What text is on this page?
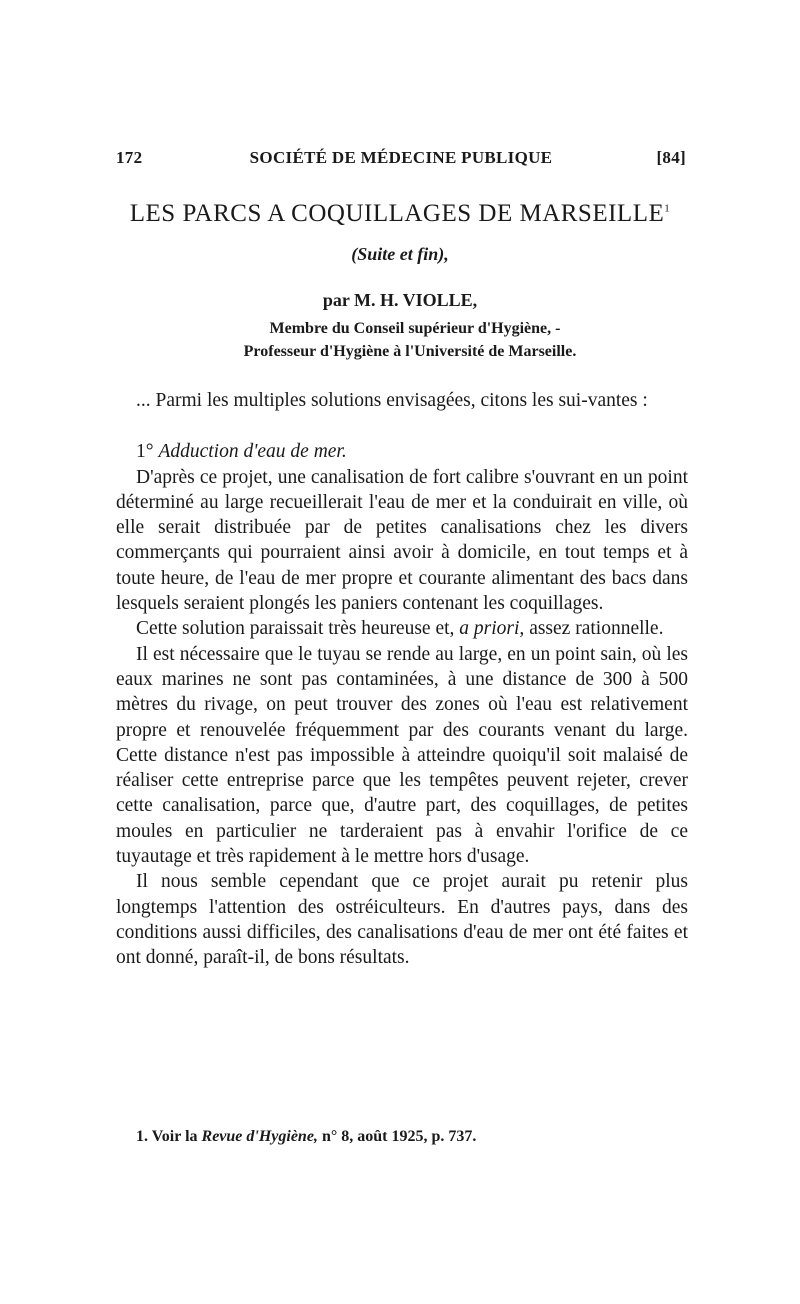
172	SOCIÉTÉ DE MÉDECINE PUBLIQUE	[84]
LES PARCS A COQUILLAGES DE MARSEILLE$^1$
(Suite et fin),
par M. H. VIOLLE,
Membre du Conseil supérieur d'Hygiène, -
Professeur d'Hygiène à l'Université de Marseille.

... Parmi les multiples solutions envisagées, citons les sui-vantes :

1° Adduction d'eau de mer.

D'après ce projet, une canalisation de fort calibre s'ouvrant en un point déterminé au large recueillerait l'eau de mer et la conduirait en ville, où elle serait distribuée par de petites canalisations chez les divers commerçants qui pourraient ainsi avoir à domicile, en tout temps et à toute heure, de l'eau de mer propre et courante alimentant des bacs dans lesquels seraient plongés les paniers contenant les coquillages.

Cette solution paraissait très heureuse et, a priori, assez rationnelle.

Il est nécessaire que le tuyau se rende au large, en un point sain, où les eaux marines ne sont pas contaminées, à une distance de 300 à 500 mètres du rivage, on peut trouver des zones où l'eau est relativement propre et renouvelée fréquemment par des courants venant du large. Cette distance n'est pas impossible à atteindre quoiqu'il soit malaisé de réaliser cette entreprise parce que les tempêtes peuvent rejeter, crever cette canalisation, parce que, d'autre part, des coquillages, de petites moules en particulier ne tarderaient pas à envahir l'orifice de ce tuyautage et très rapidement à le mettre hors d'usage.

Il nous semble cependant que ce projet aurait pu retenir plus longtemps l'attention des ostréiculteurs. En d'autres pays, dans des conditions aussi difficiles, des canalisations d'eau de mer ont été faites et ont donné, paraît-il, de bons résultats.

1. Voir la Revue d'Hygiène, n° 8, août 1925, p. 737.
